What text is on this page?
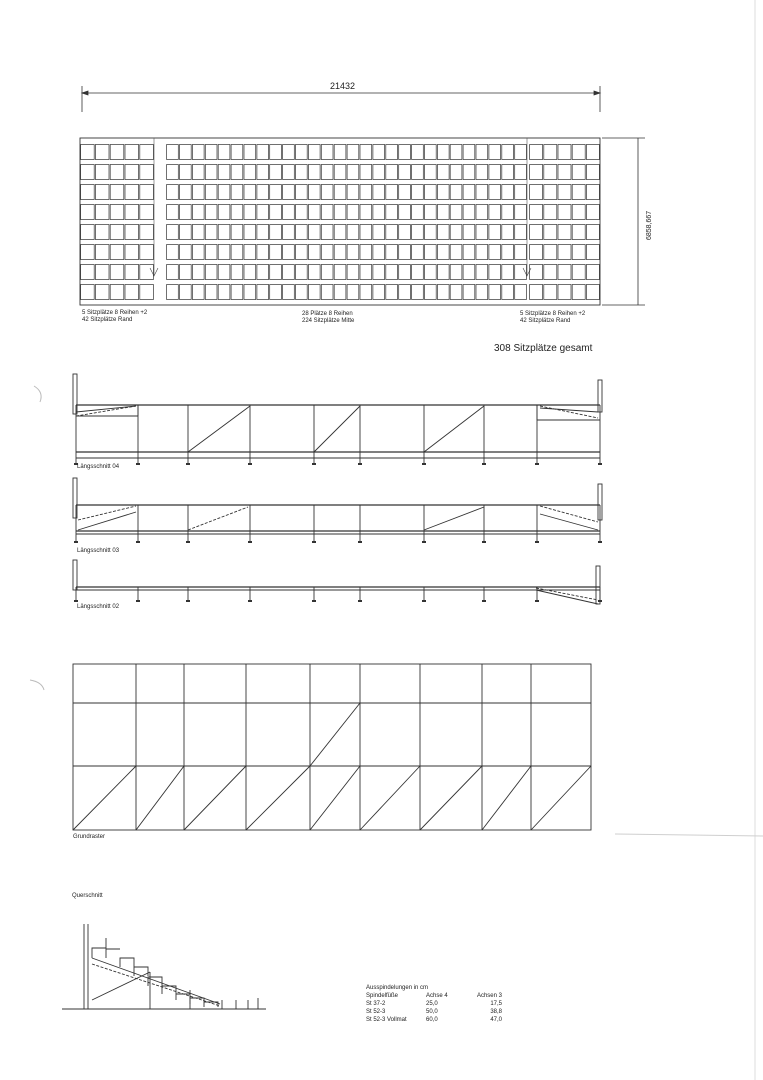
21432
6858,667
5 Sitzplätze 8 Reihen +2
42 Sitzplätze Rand
28 Plätze 8 Reihen
224 Sitzplätze Mitte
5 Sitzplätze 8 Reihen +2
42 Sitzplätze Rand
308 Sitzplätze gesamt
Längsschnitt 04
Längsschnitt 03
Längsschnitt 02
Grundraster
Querschnitt
Ausspindelungen in cm		
Spindelfüße	Achse 4	Achsen 3
St 37-2	25,0	17,5
St 52-3	50,0	38,8
St 52-3 Vollmat	60,0	47,0
